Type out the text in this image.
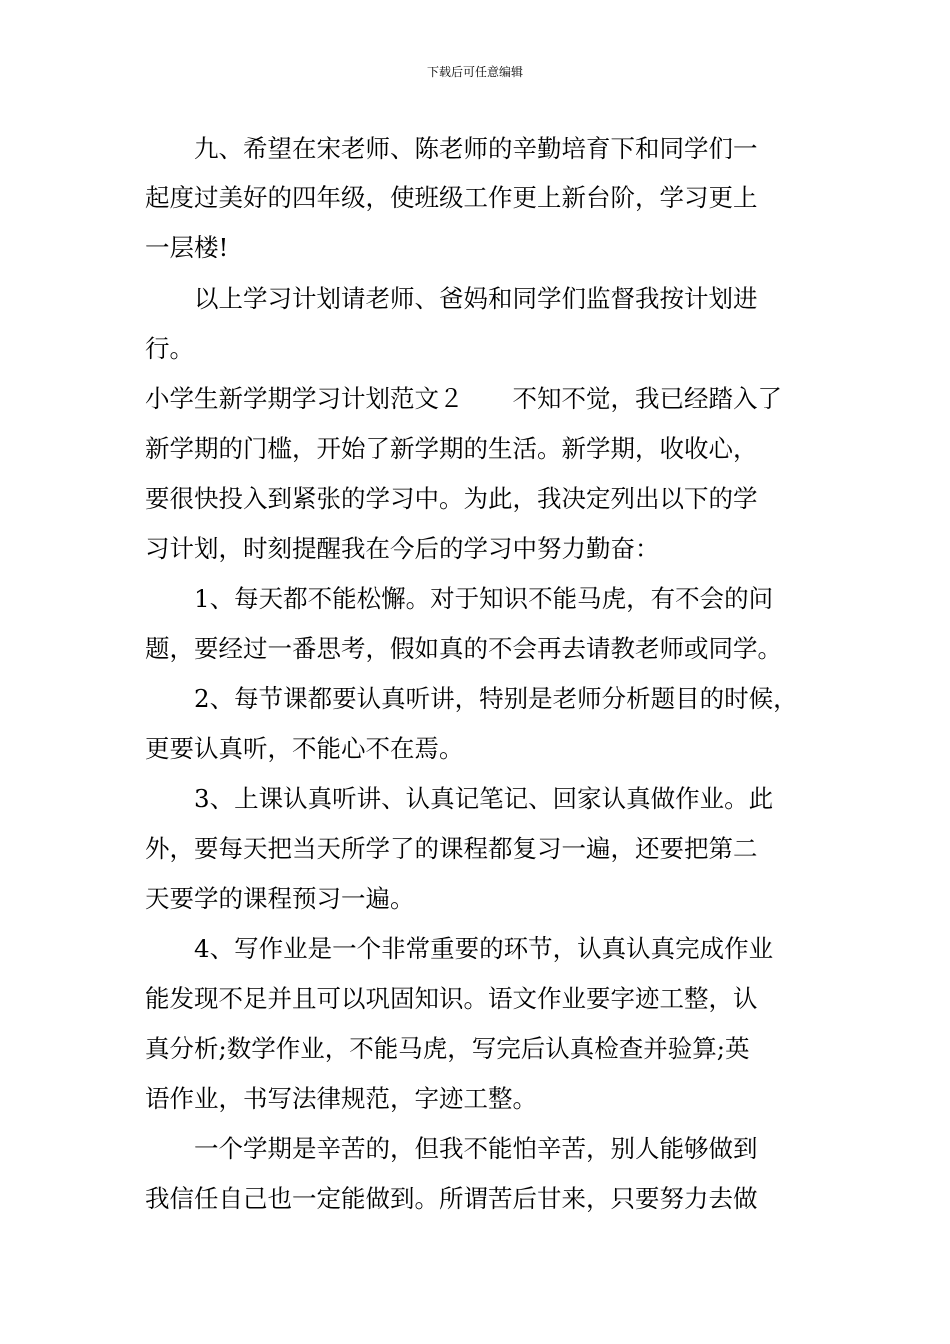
下载后可任意编辑
　　九、希望在宋老师、陈老师的辛勤培育下和同学们一
起度过美好的四年级，使班级工作更上新台阶，学习更上
一层楼!
　　以上学习计划请老师、爸妈和同学们监督我按计划进
行。
小学生新学期学习计划范文２　　不知不觉，我已经踏入了
新学期的门槛，开始了新学期的生活。新学期，收收心，
要很快投入到紧张的学习中。为此，我决定列出以下的学
习计划，时刻提醒我在今后的学习中努力勤奋：
　　1、每天都不能松懈。对于知识不能马虎，有不会的问
题，要经过一番思考，假如真的不会再去请教老师或同学。
　　2、每节课都要认真听讲，特别是老师分析题目的时候，
更要认真听，不能心不在焉。
　　3、上课认真听讲、认真记笔记、回家认真做作业。此
外，要每天把当天所学了的课程都复习一遍，还要把第二
天要学的课程预习一遍。
　　4、写作业是一个非常重要的环节，认真认真完成作业
能发现不足并且可以巩固知识。语文作业要字迹工整，认
真分析;数学作业，不能马虎，写完后认真检查并验算;英
语作业，书写法律规范，字迹工整。
　　一个学期是辛苦的，但我不能怕辛苦，别人能够做到
我信任自己也一定能做到。所谓苦后甘来，只要努力去做
